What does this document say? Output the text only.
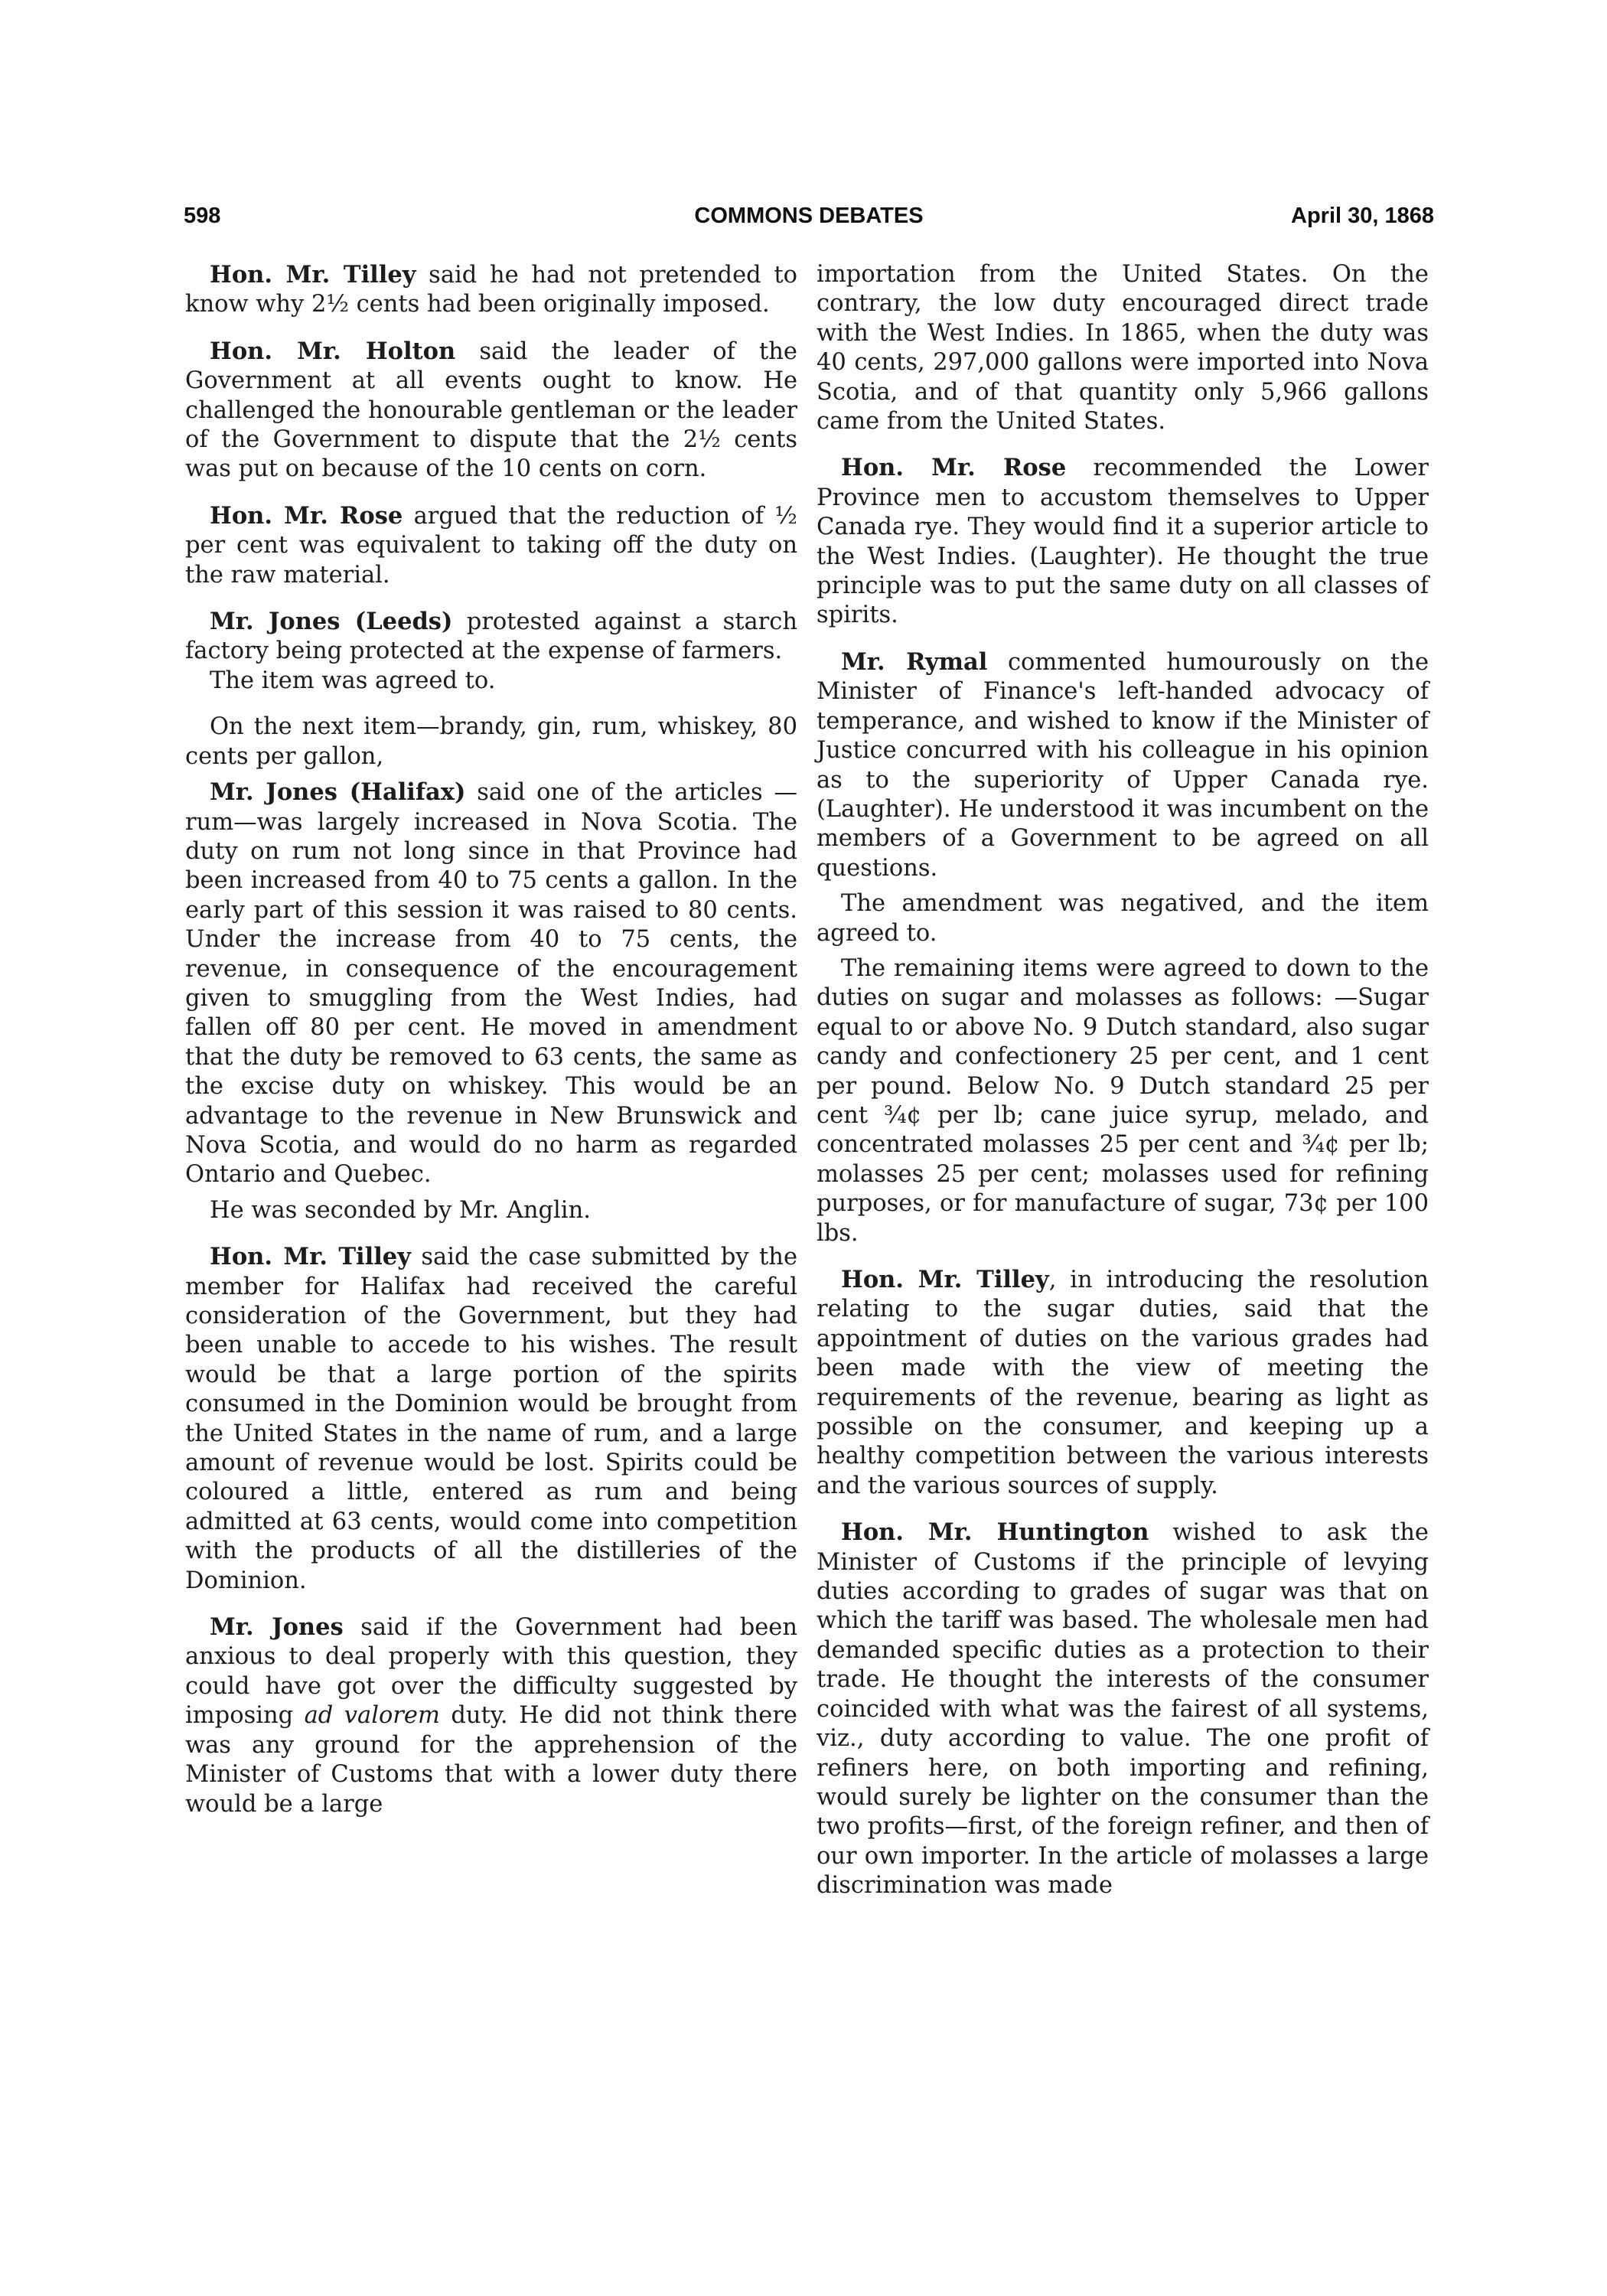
598	COMMONS DEBATES	April 30, 1868

Hon. Mr. Tilley said he had not pretended to know why 2½ cents had been originally imposed.

Hon. Mr. Holton said the leader of the Government at all events ought to know. He challenged the honourable gentleman or the leader of the Government to dispute that the 2½ cents was put on because of the 10 cents on corn.

Hon. Mr. Rose argued that the reduction of ½ per cent was equivalent to taking off the duty on the raw material.

Mr. Jones (Leeds) protested against a starch factory being protected at the expense of farmers.

The item was agreed to.

On the next item—brandy, gin, rum, whiskey, 80 cents per gallon,

Mr. Jones (Halifax) said one of the articles —rum—was largely increased in Nova Scotia. The duty on rum not long since in that Province had been increased from 40 to 75 cents a gallon. In the early part of this session it was raised to 80 cents. Under the increase from 40 to 75 cents, the revenue, in consequence of the encouragement given to smuggling from the West Indies, had fallen off 80 per cent. He moved in amendment that the duty be removed to 63 cents, the same as the excise duty on whiskey. This would be an advantage to the revenue in New Brunswick and Nova Scotia, and would do no harm as regarded Ontario and Quebec.

He was seconded by Mr. Anglin.

Hon. Mr. Tilley said the case submitted by the member for Halifax had received the careful consideration of the Government, but they had been unable to accede to his wishes. The result would be that a large portion of the spirits consumed in the Dominion would be brought from the United States in the name of rum, and a large amount of revenue would be lost. Spirits could be coloured a little, entered as rum and being admitted at 63 cents, would come into competition with the products of all the distilleries of the Dominion.

Mr. Jones said if the Government had been anxious to deal properly with this question, they could have got over the difficulty suggested by imposing ad valorem duty. He did not think there was any ground for the apprehension of the Minister of Customs that with a lower duty there would be a large

importation from the United States. On the contrary, the low duty encouraged direct trade with the West Indies. In 1865, when the duty was 40 cents, 297,000 gallons were imported into Nova Scotia, and of that quantity only 5,966 gallons came from the United States.

Hon. Mr. Rose recommended the Lower Province men to accustom themselves to Upper Canada rye. They would find it a superior article to the West Indies. (Laughter). He thought the true principle was to put the same duty on all classes of spirits.

Mr. Rymal commented humourously on the Minister of Finance's left-handed advocacy of temperance, and wished to know if the Minister of Justice concurred with his colleague in his opinion as to the superiority of Upper Canada rye. (Laughter). He understood it was incumbent on the members of a Government to be agreed on all questions.

The amendment was negatived, and the item agreed to.

The remaining items were agreed to down to the duties on sugar and molasses as follows: —Sugar equal to or above No. 9 Dutch standard, also sugar candy and confectionery 25 per cent, and 1 cent per pound. Below No. 9 Dutch standard 25 per cent ¾¢ per lb; cane juice syrup, melado, and concentrated molasses 25 per cent and ¾¢ per lb; molasses 25 per cent; molasses used for refining purposes, or for manufacture of sugar, 73¢ per 100 lbs.

Hon. Mr. Tilley, in introducing the resolution relating to the sugar duties, said that the appointment of duties on the various grades had been made with the view of meeting the requirements of the revenue, bearing as light as possible on the consumer, and keeping up a healthy competition between the various interests and the various sources of supply.

Hon. Mr. Huntington wished to ask the Minister of Customs if the principle of levying duties according to grades of sugar was that on which the tariff was based. The wholesale men had demanded specific duties as a protection to their trade. He thought the interests of the consumer coincided with what was the fairest of all systems, viz., duty according to value. The one profit of refiners here, on both importing and refining, would surely be lighter on the consumer than the two profits—first, of the foreign refiner, and then of our own importer. In the article of molasses a large discrimination was made
